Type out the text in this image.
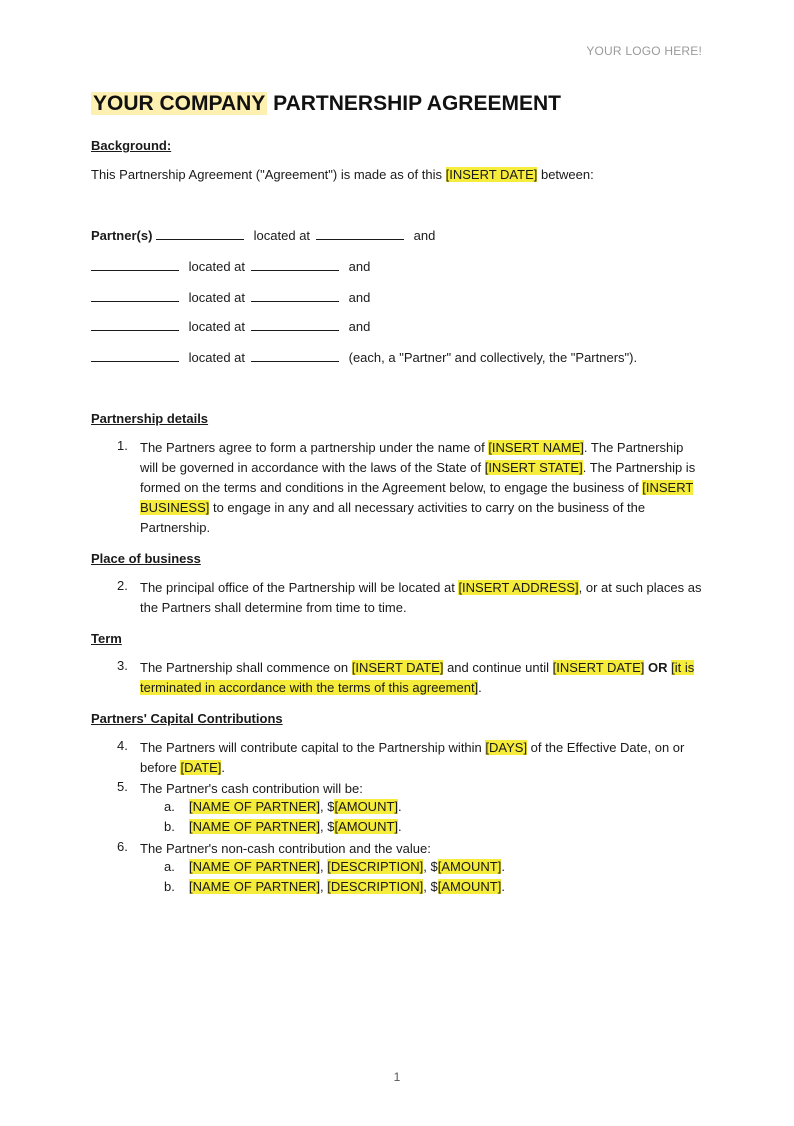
YOUR LOGO HERE!
YOUR COMPANY PARTNERSHIP AGREEMENT
Background:
This Partnership Agreement ("Agreement") is made as of this [INSERT DATE] between:
Partner(s)	located at	and
located at	and
located at	and
located at	and
located at	(each, a "Partner" and collectively, the "Partners").
Partnership details
1. The Partners agree to form a partnership under the name of [INSERT NAME]. The Partnership will be governed in accordance with the laws of the State of [INSERT STATE]. The Partnership is formed on the terms and conditions in the Agreement below, to engage the business of [INSERT BUSINESS] to engage in any and all necessary activities to carry on the business of the Partnership.
Place of business
2. The principal office of the Partnership will be located at [INSERT ADDRESS], or at such places as the Partners shall determine from time to time.
Term
3. The Partnership shall commence on [INSERT DATE] and continue until [INSERT DATE] OR [it is terminated in accordance with the terms of this agreement].
Partners' Capital Contributions
4. The Partners will contribute capital to the Partnership within [DAYS] of the Effective Date, on or before [DATE].
5. The Partner's cash contribution will be:
a. [NAME OF PARTNER], $[AMOUNT].
b. [NAME OF PARTNER], $[AMOUNT].
6. The Partner's non-cash contribution and the value:
a. [NAME OF PARTNER], [DESCRIPTION], $[AMOUNT].
b. [NAME OF PARTNER], [DESCRIPTION], $[AMOUNT].
1
